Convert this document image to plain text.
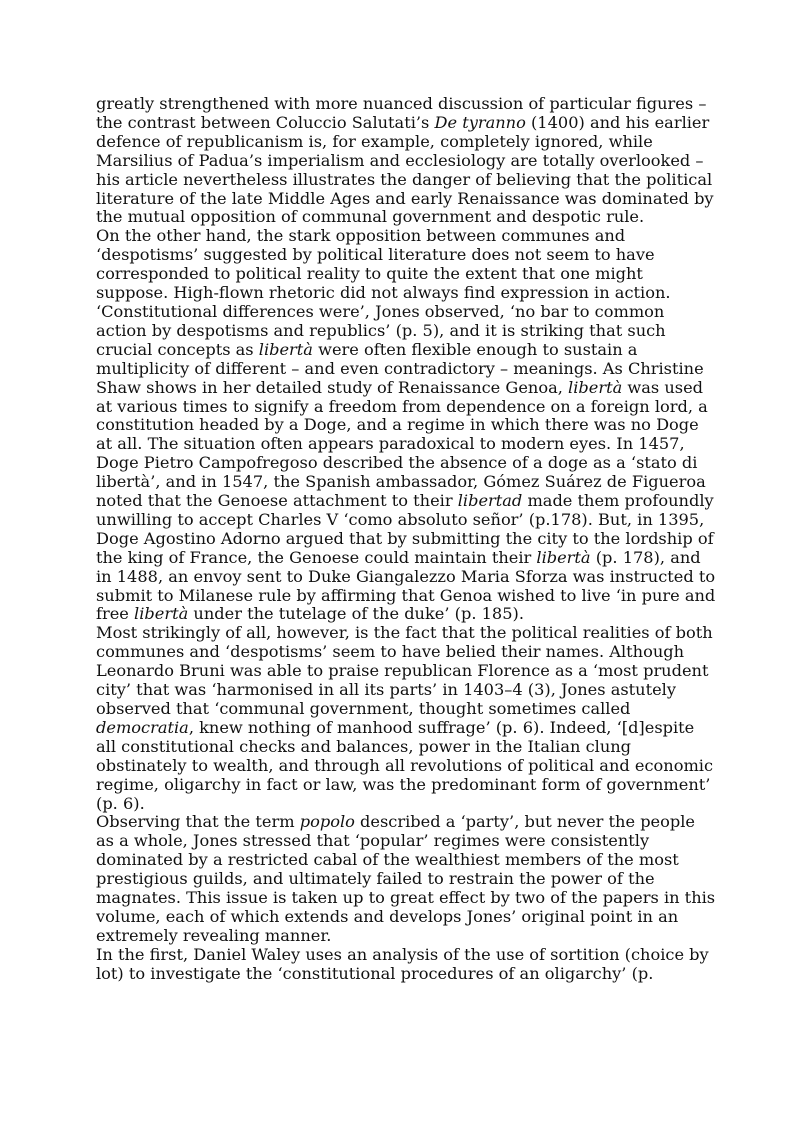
greatly strengthened with more nuanced discussion of particular figures – the contrast between Coluccio Salutati’s De tyranno (1400) and his earlier defence of republicanism is, for example, completely ignored, while Marsilius of Padua’s imperialism and ecclesiology are totally overlooked – his article nevertheless illustrates the danger of believing that the political literature of the late Middle Ages and early Renaissance was dominated by the mutual opposition of communal government and despotic rule.

On the other hand, the stark opposition between communes and ‘despotisms’ suggested by political literature does not seem to have corresponded to political reality to quite the extent that one might suppose. High-flown rhetoric did not always find expression in action. ‘Constitutional differences were’, Jones observed, ‘no bar to common action by despotisms and republics’ (p. 5), and it is striking that such crucial concepts as libertà were often flexible enough to sustain a multiplicity of different – and even contradictory – meanings. As Christine Shaw shows in her detailed study of Renaissance Genoa, libertà was used at various times to signify a freedom from dependence on a foreign lord, a constitution headed by a Doge, and a regime in which there was no Doge at all. The situation often appears paradoxical to modern eyes. In 1457, Doge Pietro Campofregoso described the absence of a doge as a ‘stato di libertà’, and in 1547, the Spanish ambassador, Gómez Suárez de Figueroa noted that the Genoese attachment to their libertad made them profoundly unwilling to accept Charles V ‘como absoluto señor’ (p.178). But, in 1395, Doge Agostino Adorno argued that by submitting the city to the lordship of the king of France, the Genoese could maintain their libertà (p. 178), and in 1488, an envoy sent to Duke Giangalezzo Maria Sforza was instructed to submit to Milanese rule by affirming that Genoa wished to live ‘in pure and free libertà under the tutelage of the duke’ (p. 185).

Most strikingly of all, however, is the fact that the political realities of both communes and ‘despotisms’ seem to have belied their names. Although Leonardo Bruni was able to praise republican Florence as a ‘most prudent city’ that was ‘harmonised in all its parts’ in 1403–4 (3), Jones astutely observed that ‘communal government, thought sometimes called democratia, knew nothing of manhood suffrage’ (p. 6). Indeed, ‘[d]espite all constitutional checks and balances, power in the Italian clung obstinately to wealth, and through all revolutions of political and economic regime, oligarchy in fact or law, was the predominant form of government’ (p. 6).

Observing that the term popolo described a ‘party’, but never the people as a whole, Jones stressed that ‘popular’ regimes were consistently dominated by a restricted cabal of the wealthiest members of the most prestigious guilds, and ultimately failed to restrain the power of the magnates. This issue is taken up to great effect by two of the papers in this volume, each of which extends and develops Jones’ original point in an extremely revealing manner.

In the first, Daniel Waley uses an analysis of the use of sortition (choice by lot) to investigate the ‘constitutional procedures of an oligarchy’ (p.
